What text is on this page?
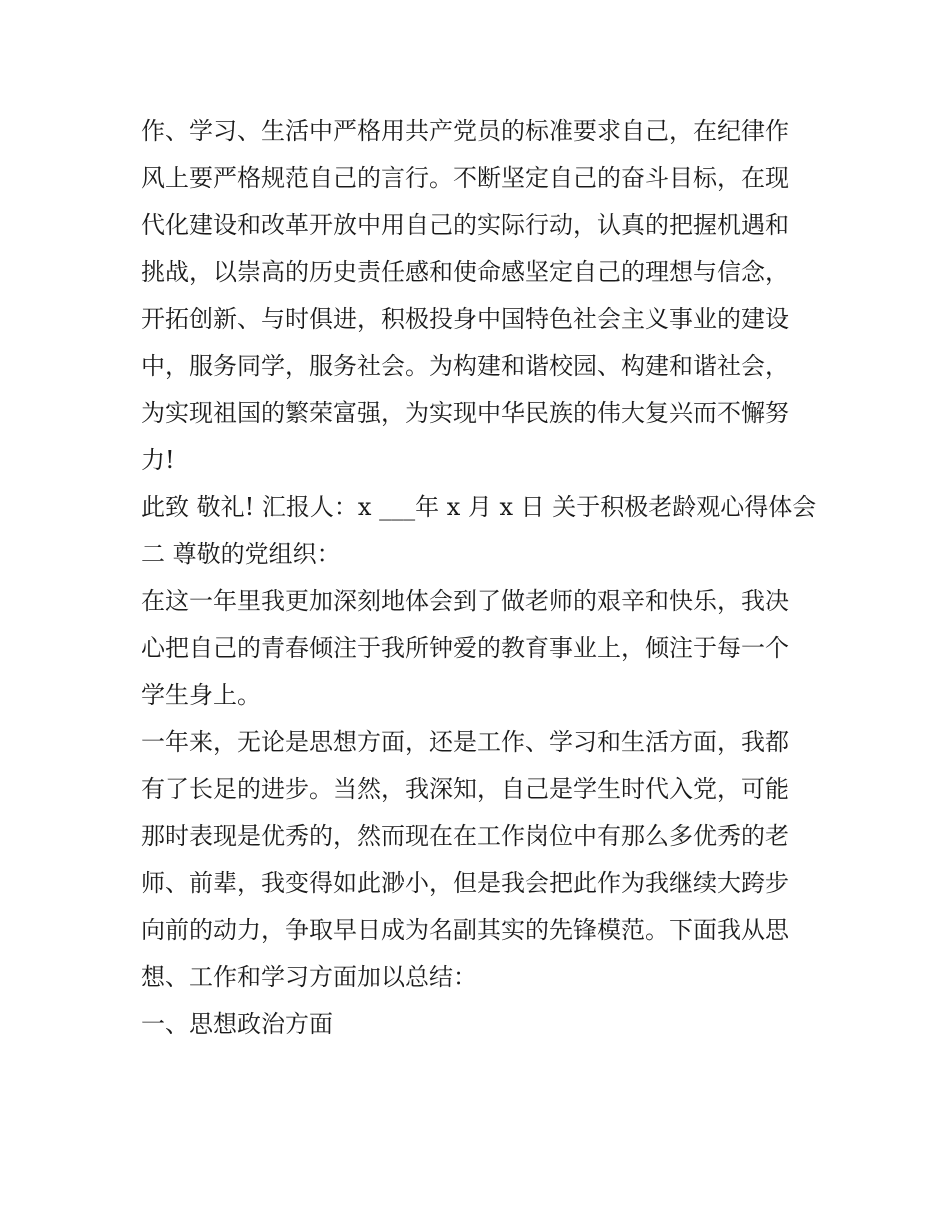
作、学习、生活中严格用共产党员的标准要求自己，在纪律作
风上要严格规范自己的言行。不断坚定自己的奋斗目标，在现
代化建设和改革开放中用自己的实际行动，认真的把握机遇和
挑战，以崇高的历史责任感和使命感坚定自己的理想与信念，
开拓创新、与时俱进，积极投身中国特色社会主义事业的建设
中，服务同学，服务社会。为构建和谐校园、构建和谐社会，
为实现祖国的繁荣富强，为实现中华民族的伟大复兴而不懈努
力!
此致 敬礼! 汇报人：x ___年 x 月 x 日 关于积极老龄观心得体会
二 尊敬的党组织：
在这一年里我更加深刻地体会到了做老师的艰辛和快乐，我决
心把自己的青春倾注于我所钟爱的教育事业上，倾注于每一个
学生身上。
一年来，无论是思想方面，还是工作、学习和生活方面，我都
有了长足的进步。当然，我深知，自己是学生时代入党，可能
那时表现是优秀的，然而现在在工作岗位中有那么多优秀的老
师、前辈，我变得如此渺小，但是我会把此作为我继续大跨步
向前的动力，争取早日成为名副其实的先锋模范。下面我从思
想、工作和学习方面加以总结：
一、思想政治方面
